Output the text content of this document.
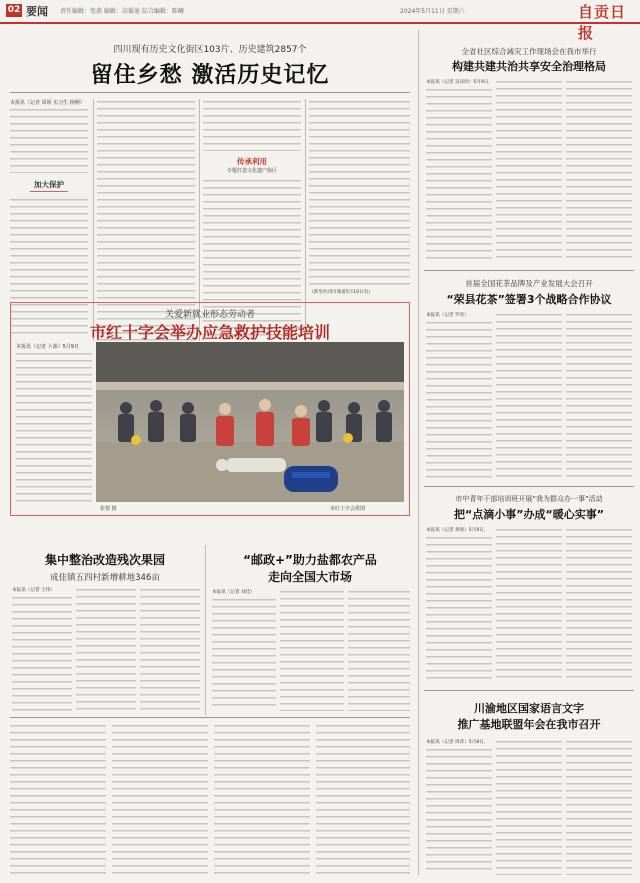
02 要闻 责任编辑：张燕 编辑：高蜀迪 综合编辑：陈曦	2024年5月11日 星期六	自贡日报
四川现有历史文化街区103片、历史建筑2857个
留住乡愁 激活历史记忆
本报讯（记者 周娇 实习生 杨柳）
加大保护
━━━━━━━━━━━━━━
传承利用
专题打造文化遗产街区
（新华社四川频道5月10日电）
关爱新就业形态劳动者
市红十字会举办应急救护技能培训
本报讯（记者 卜源）5月9日
张梨 摄	市红十字会供图
全省社区综合减灾工作现场会在我市举行
构建共建共治共享安全治理格局
本报讯（记者 吴泽欣）5月9日，
首届全国花茶品牌及产业发展大会召开
“荣县花茶”签署3个战略合作协议
本报讯（记者 罗浩）
市中青年干部培训班开展“我为群众办一事”活动
把“点滴小事”办成“暖心实事”
本报讯（记者 黄锐）5月9日，
川渝地区国家语言文字
推广基地联盟年会在我市召开
本报讯（记者 周萍）5月8日，
集中整治改造残次果园
成佳镇五四村新增耕地346亩
本报讯（记者 王伟）
“邮政+”助力盐都农产品
走向全国大市场
本报讯（记者 刘佳）
